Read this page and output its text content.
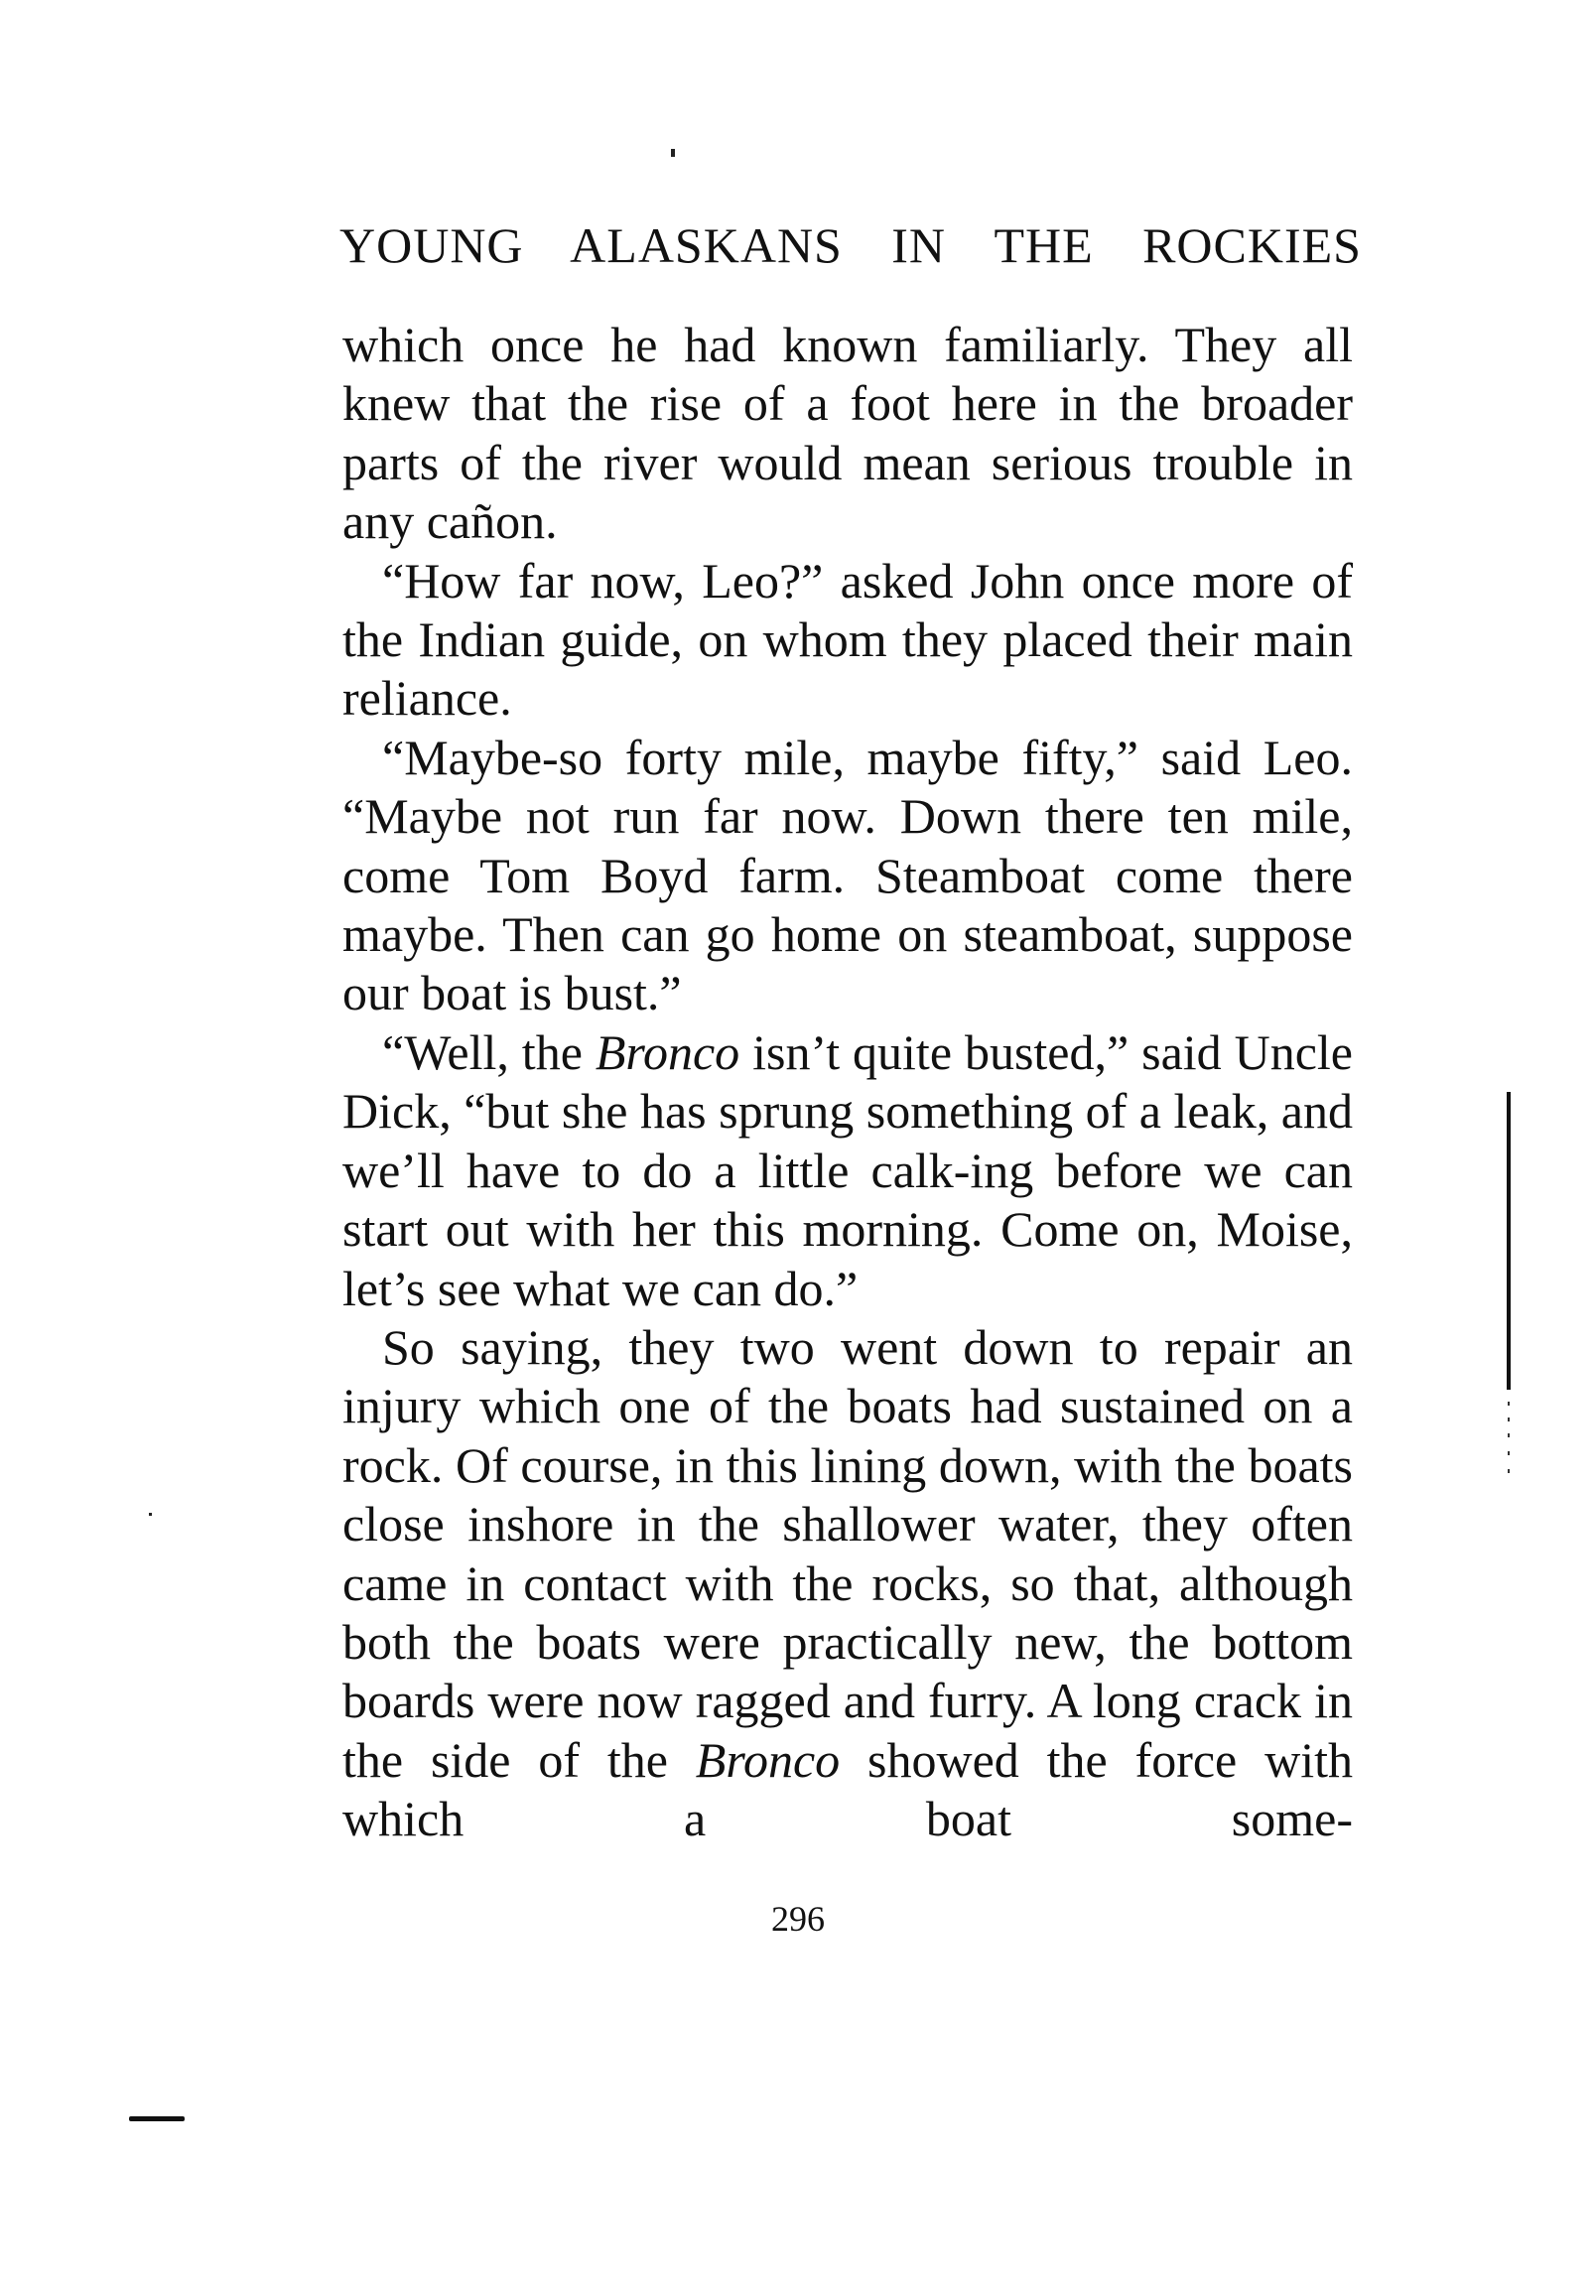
YOUNG ALASKANS IN THE ROCKIES

which once he had known familiarly. They all knew that the rise of a foot here in the broader parts of the river would mean serious trouble in any cañon.

“How far now, Leo?” asked John once more of the Indian guide, on whom they placed their main reliance.

“Maybe-so forty mile, maybe fifty,” said Leo. “Maybe not run far now. Down there ten mile, come Tom Boyd farm. Steamboat come there maybe. Then can go home on steamboat, suppose our boat is bust.”

“Well, the Bronco isn’t quite busted,” said Uncle Dick, “but she has sprung something of a leak, and we’ll have to do a little calk-ing before we can start out with her this morning. Come on, Moise, let’s see what we can do.”

So saying, they two went down to repair an injury which one of the boats had sustained on a rock. Of course, in this lining down, with the boats close inshore in the shallower water, they often came in contact with the rocks, so that, although both the boats were practically new, the bottom boards were now ragged and furry. A long crack in the side of the Bronco showed the force with which a boat some-

296
